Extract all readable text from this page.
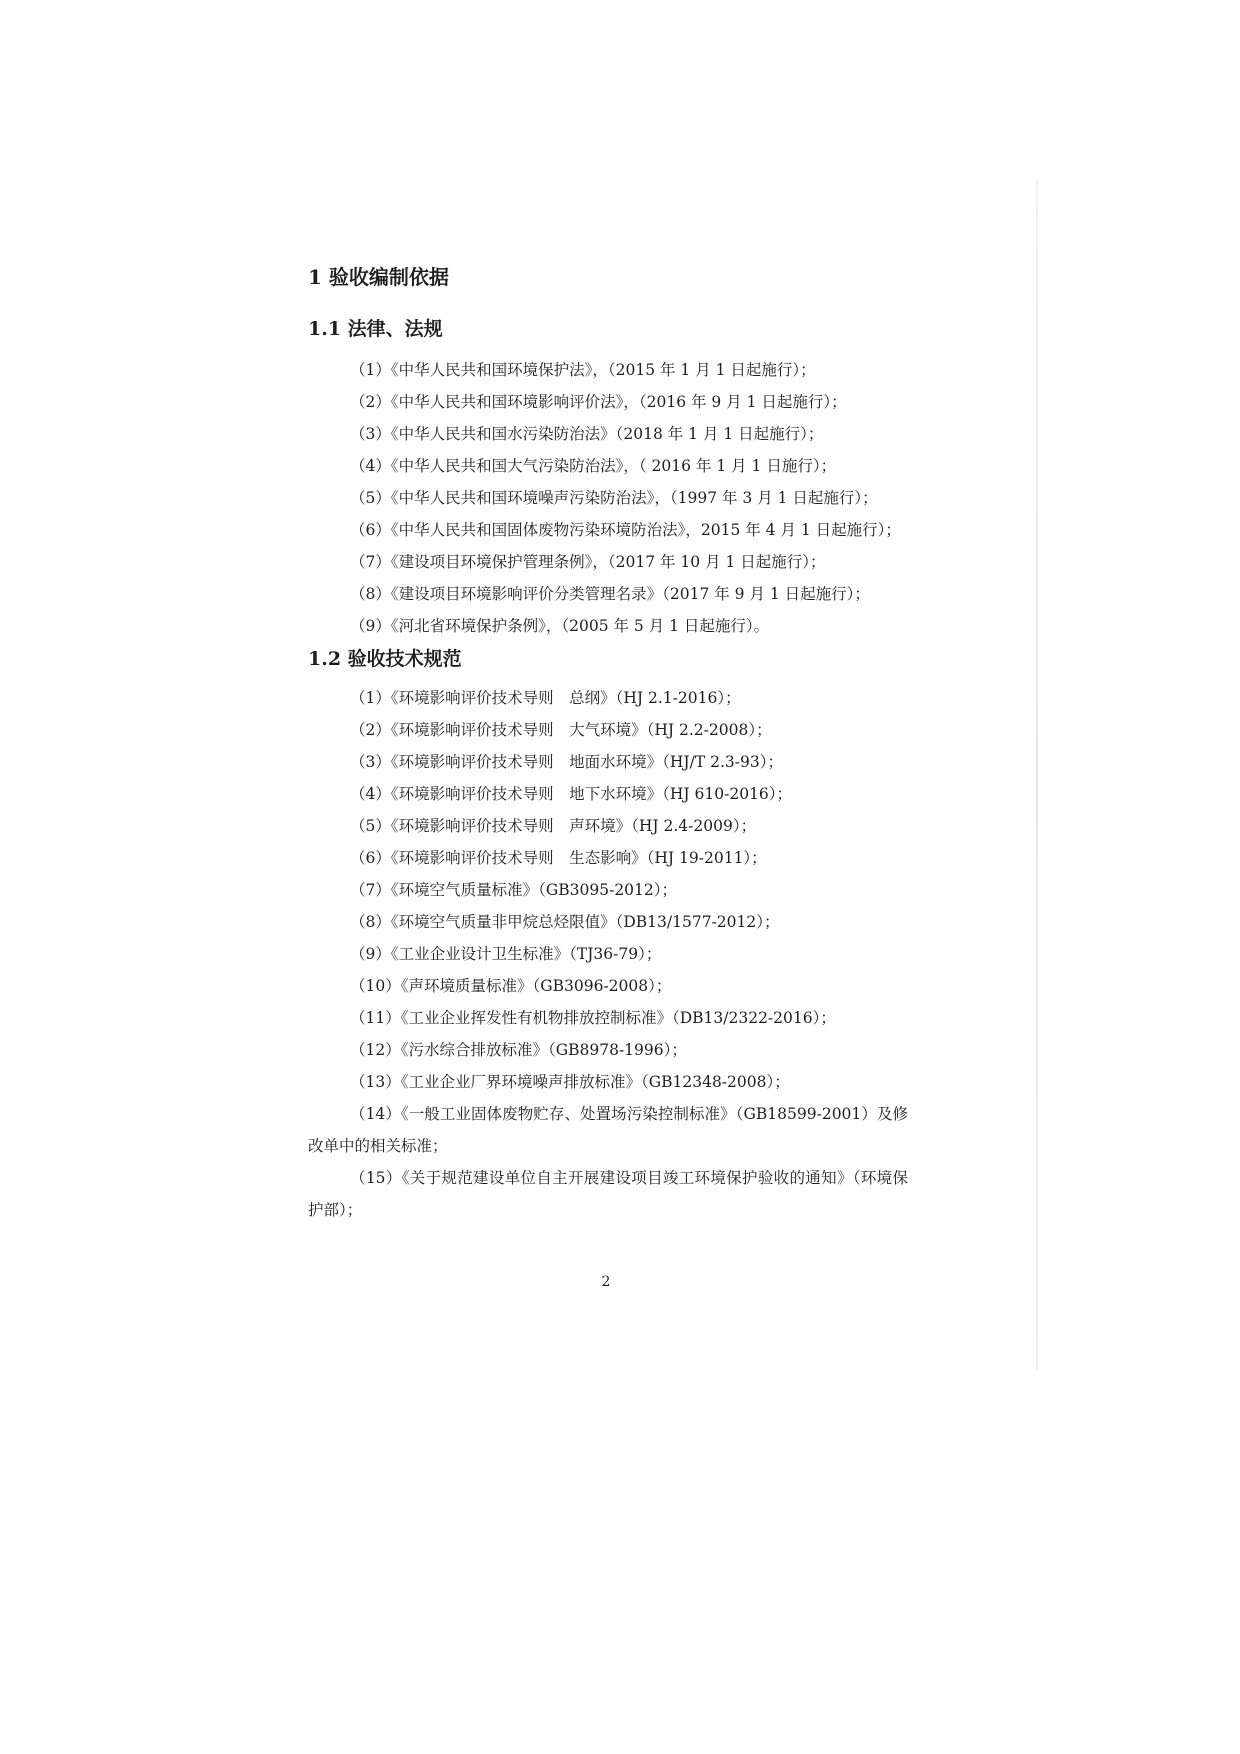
1 验收编制依据
1.1 法律、法规
（1）《中华人民共和国环境保护法》，（2015 年 1 月 1 日起施行）；
（2）《中华人民共和国环境影响评价法》，（2016 年 9 月 1 日起施行）；
（3）《中华人民共和国水污染防治法》（2018 年 1 月 1 日起施行）；
（4）《中华人民共和国大气污染防治法》，（ 2016 年 1 月 1 日施行）；
（5）《中华人民共和国环境噪声污染防治法》，（1997 年 3 月 1 日起施行）；
（6）《中华人民共和国固体废物污染环境防治法》，2015 年 4 月 1 日起施行）；
（7）《建设项目环境保护管理条例》，（2017 年 10 月 1 日起施行）；
（8）《建设项目环境影响评价分类管理名录》（2017 年 9 月 1 日起施行）；
（9）《河北省环境保护条例》，（2005 年 5 月 1 日起施行）。
1.2 验收技术规范
（1）《环境影响评价技术导则　总纲》（HJ 2.1-2016）；
（2）《环境影响评价技术导则　大气环境》（HJ 2.2-2008）；
（3）《环境影响评价技术导则　地面水环境》（HJ/T 2.3-93）；
（4）《环境影响评价技术导则　地下水环境》（HJ 610-2016）；
（5）《环境影响评价技术导则　声环境》（HJ 2.4-2009）；
（6）《环境影响评价技术导则　生态影响》（HJ 19-2011）；
（7）《环境空气质量标准》（GB3095-2012）；
（8）《环境空气质量非甲烷总烃限值》（DB13/1577-2012）；
（9）《工业企业设计卫生标准》（TJ36-79）；
（10）《声环境质量标准》（GB3096-2008）；
（11）《工业企业挥发性有机物排放控制标准》（DB13/2322-2016）；
（12）《污水综合排放标准》（GB8978-1996）；
（13）《工业企业厂界环境噪声排放标准》（GB12348-2008）；
（14）《一般工业固体废物贮存、处置场污染控制标准》（GB18599-2001）及修改单中的相关标准；
（15）《关于规范建设单位自主开展建设项目竣工环境保护验收的通知》（环境保护部）；
2
